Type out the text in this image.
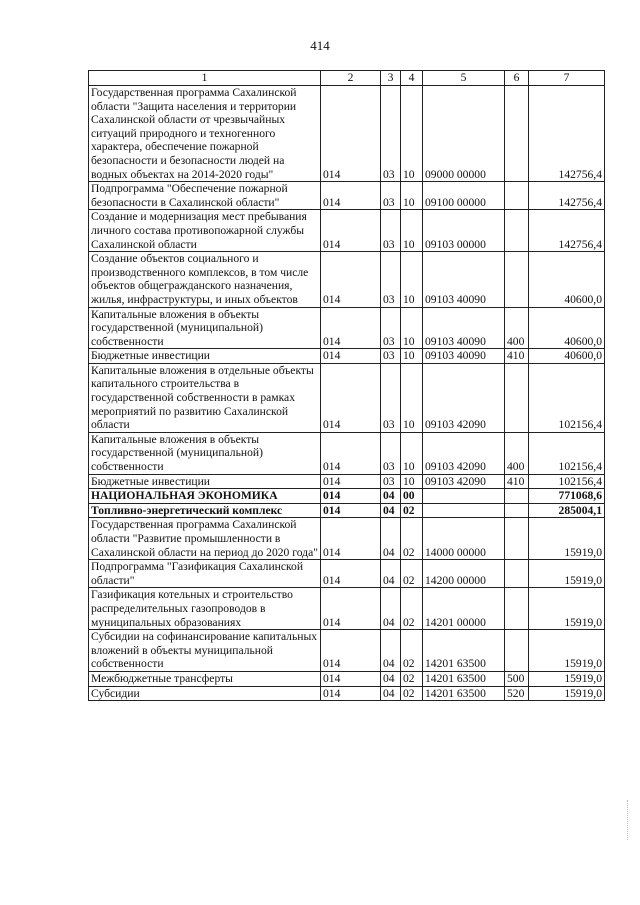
414
1	2	3	4	5	6	7
Государственная программа Сахалинской области "Защита населения и территории Сахалинской области от чрезвычайных ситуаций природного и техногенного характера, обеспечение пожарной безопасности и безопасности людей на водных объектах на 2014-2020 годы"	014	03	10	09000 00000		142756,4
Подпрограмма "Обеспечение пожарной безопасности в Сахалинской области"	014	03	10	09100 00000		142756,4
Создание и модернизация мест пребывания личного состава противопожарной службы Сахалинской области	014	03	10	09103 00000		142756,4
Создание объектов социального и производственного комплексов, в том числе объектов общегражданского назначения, жилья, инфраструктуры, и иных объектов	014	03	10	09103 40090		40600,0
Капитальные вложения в объекты государственной (муниципальной) собственности	014	03	10	09103 40090	400	40600,0
Бюджетные инвестиции	014	03	10	09103 40090	410	40600,0
Капитальные вложения в отдельные объекты капитального строительства в государственной собственности в рамках мероприятий по развитию Сахалинской области	014	03	10	09103 42090		102156,4
Капитальные вложения в объекты государственной (муниципальной) собственности	014	03	10	09103 42090	400	102156,4
Бюджетные инвестиции	014	03	10	09103 42090	410	102156,4
НАЦИОНАЛЬНАЯ ЭКОНОМИКА	014	04	00			771068,6
Топливно-энергетический комплекс	014	04	02			285004,1
Государственная программа Сахалинской области "Развитие промышленности в Сахалинской области на период до 2020 года"	014	04	02	14000 00000		15919,0
Подпрограмма "Газификация Сахалинской области"	014	04	02	14200 00000		15919,0
Газификация котельных и строительство распределительных газопроводов в муниципальных образованиях	014	04	02	14201 00000		15919,0
Субсидии на софинансирование капитальных вложений в объекты муниципальной собственности	014	04	02	14201 63500		15919,0
Межбюджетные трансферты	014	04	02	14201 63500	500	15919,0
Субсидии	014	04	02	14201 63500	520	15919,0
